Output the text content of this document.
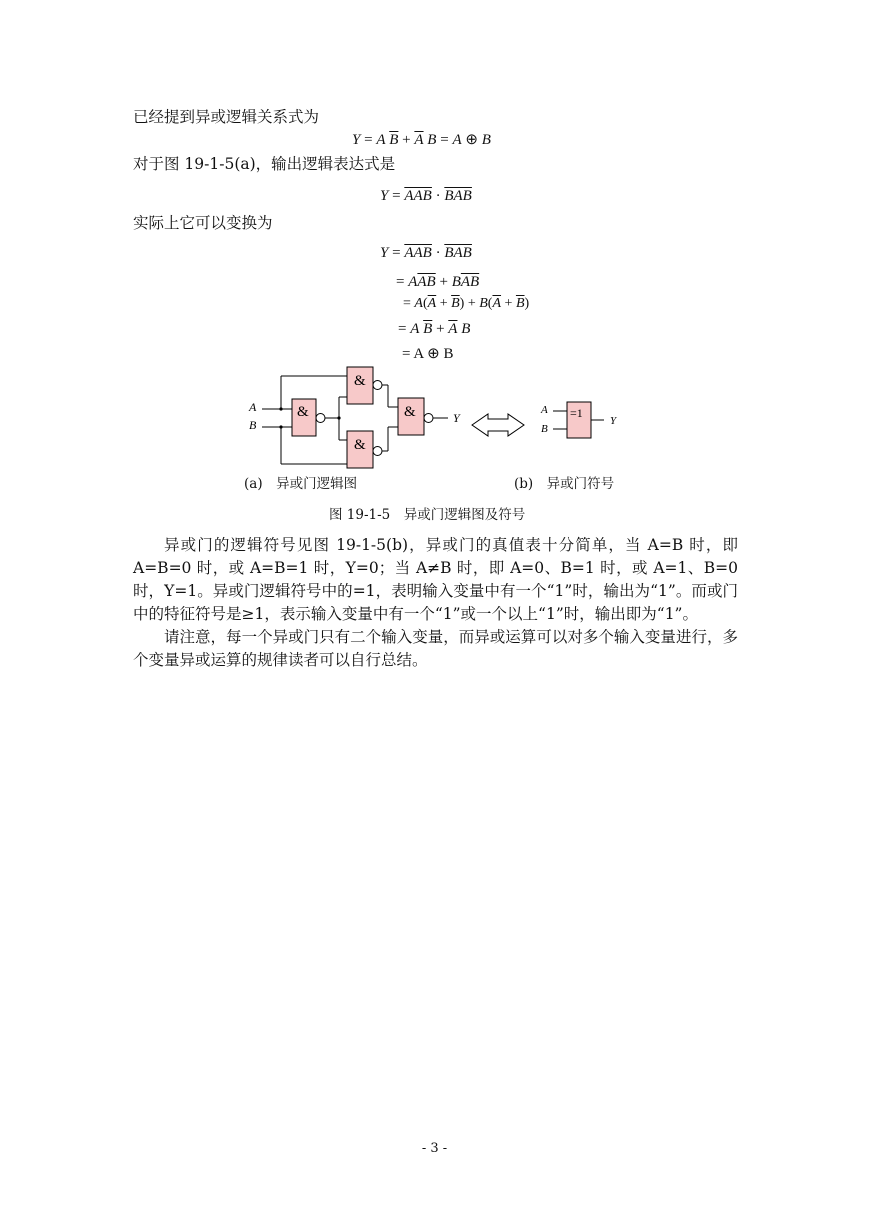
已经提到异或逻辑关系式为
Y = A $\overline{B} + \overline{A}$ B = A ⊕ B
对于图 19-1-5(a)，输出逻辑表达式是
Y = AAB · BAB
实际上它可以变换为
Y = AAB · BAB
= $A\overline{AB} + B\overline{AB}$
= $A(\overline{A} + \overline{B}) + B(\overline{A} + \overline{B})$
= A $\overline{B} + \overline{A}$ B
= A ⊕ B
&
&
&
&
A
B	Y	=1
A
B
Y
(a)　异或门逻辑图	(b)　异或门符号
图 19-1-5　异或门逻辑图及符号

异或门的逻辑符号见图 19-1-5(b)，异或门的真值表十分简单，当 A=B 时，即 A=B=0 时，或 A=B=1 时，Y=0；当 A≠B 时，即 A=0、B=1 时，或 A=1、B=0 时，Y=1。异或门逻辑符号中的=1，表明输入变量中有一个“1”时，输出为“1”。而或门中的特征符号是≥1，表示输入变量中有一个“1”或一个以上“1”时，输出即为“1”。

请注意，每一个异或门只有二个输入变量，而异或运算可以对多个输入变量进行，多个变量异或运算的规律读者可以自行总结。

- 3 -
